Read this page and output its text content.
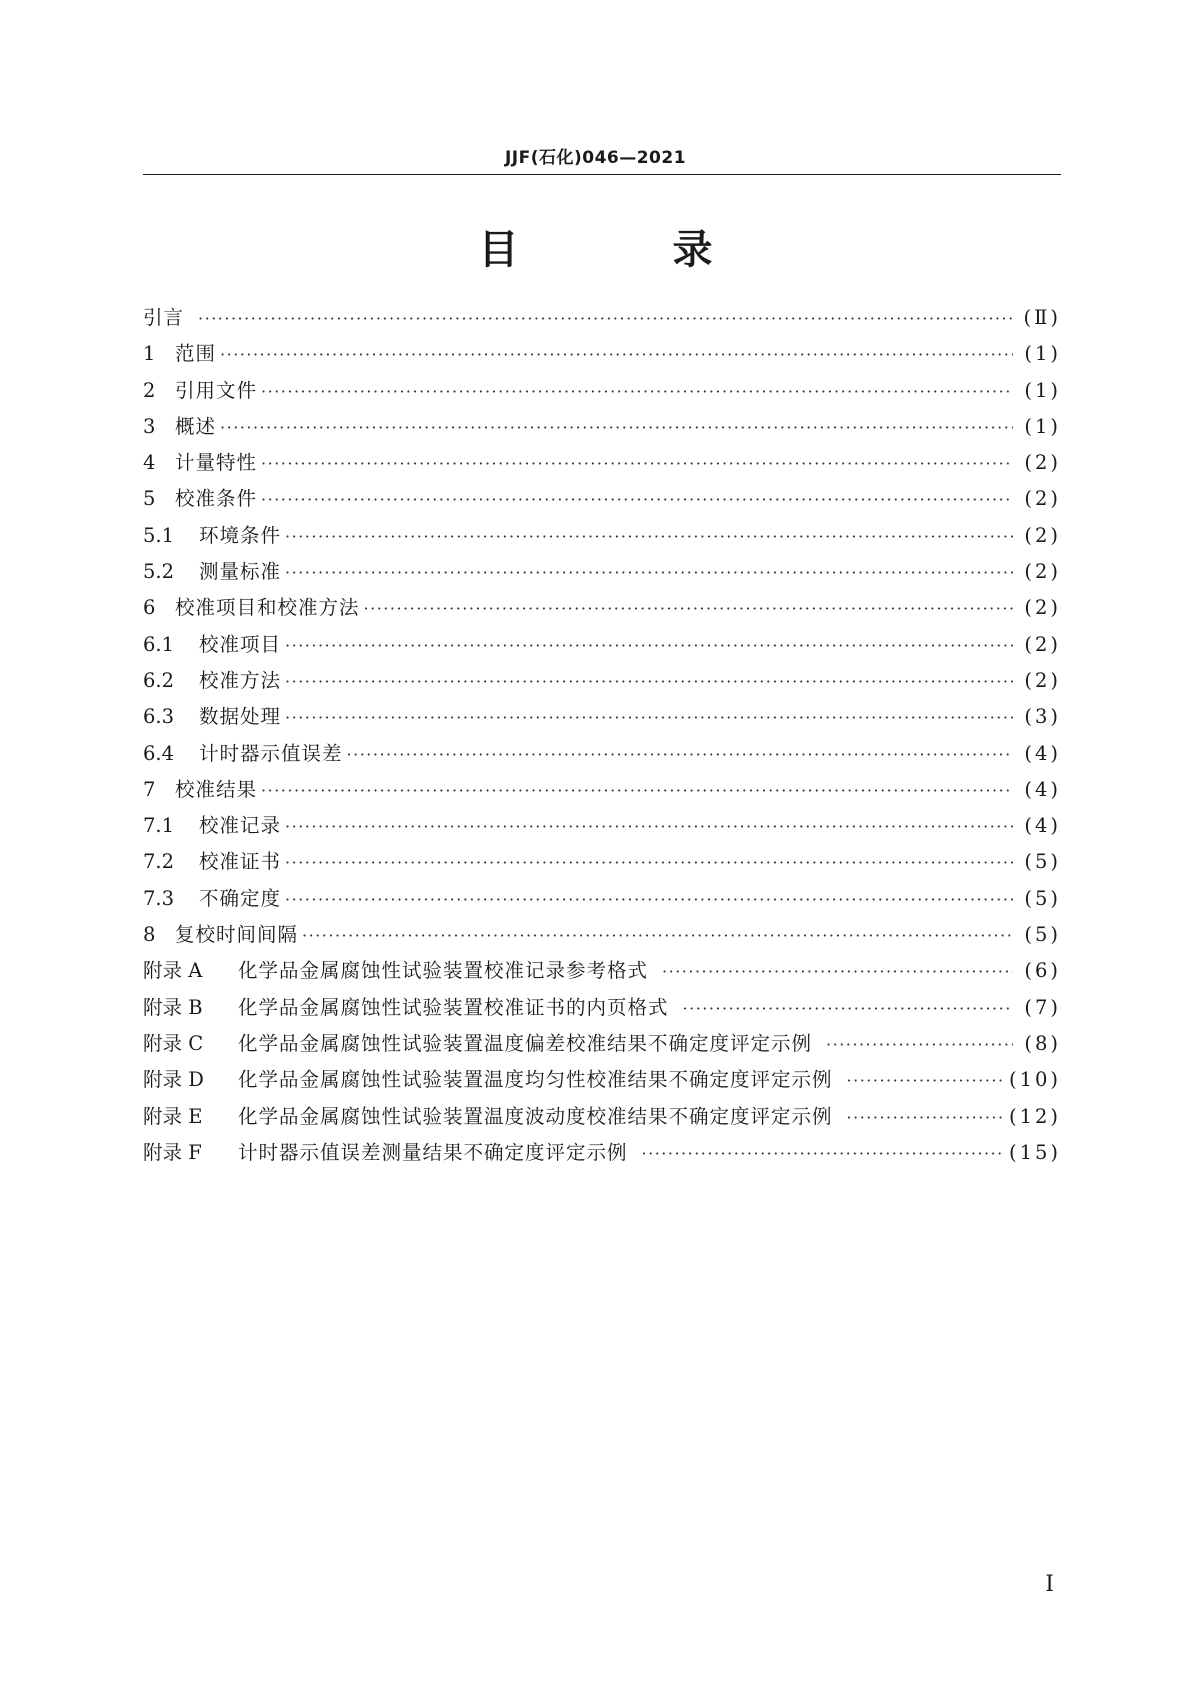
JJF(石化)046—2021
目 录
引言 ·····	(Ⅱ)
1	范围 ·····	(1)
2	引用文件 ·····	(1)
3	概述 ·····	(1)
4	计量特性 ·····	(2)
5	校准条件 ·····	(2)
5.1	环境条件 ·····	(2)
5.2	测量标准 ·····	(2)
6	校准项目和校准方法 ·····	(2)
6.1	校准项目 ·····	(2)
6.2	校准方法 ·····	(2)
6.3	数据处理 ·····	(3)
6.4	计时器示值误差 ·····	(4)
7	校准结果 ·····	(4)
7.1	校准记录 ·····	(4)
7.2	校准证书 ·····	(5)
7.3	不确定度 ·····	(5)
8	复校时间间隔 ·····	(5)
附录 A	化学品金属腐蚀性试验装置校准记录参考格式 ·····	(6)
附录 B	化学品金属腐蚀性试验装置校准证书的内页格式 ·····	(7)
附录 C	化学品金属腐蚀性试验装置温度偏差校准结果不确定度评定示例 ·····	(8)
附录 D	化学品金属腐蚀性试验装置温度均匀性校准结果不确定度评定示例 ·····	(10)
附录 E	化学品金属腐蚀性试验装置温度波动度校准结果不确定度评定示例 ·····	(12)
附录 F	计时器示值误差测量结果不确定度评定示例 ·····	(15)
Ⅰ
